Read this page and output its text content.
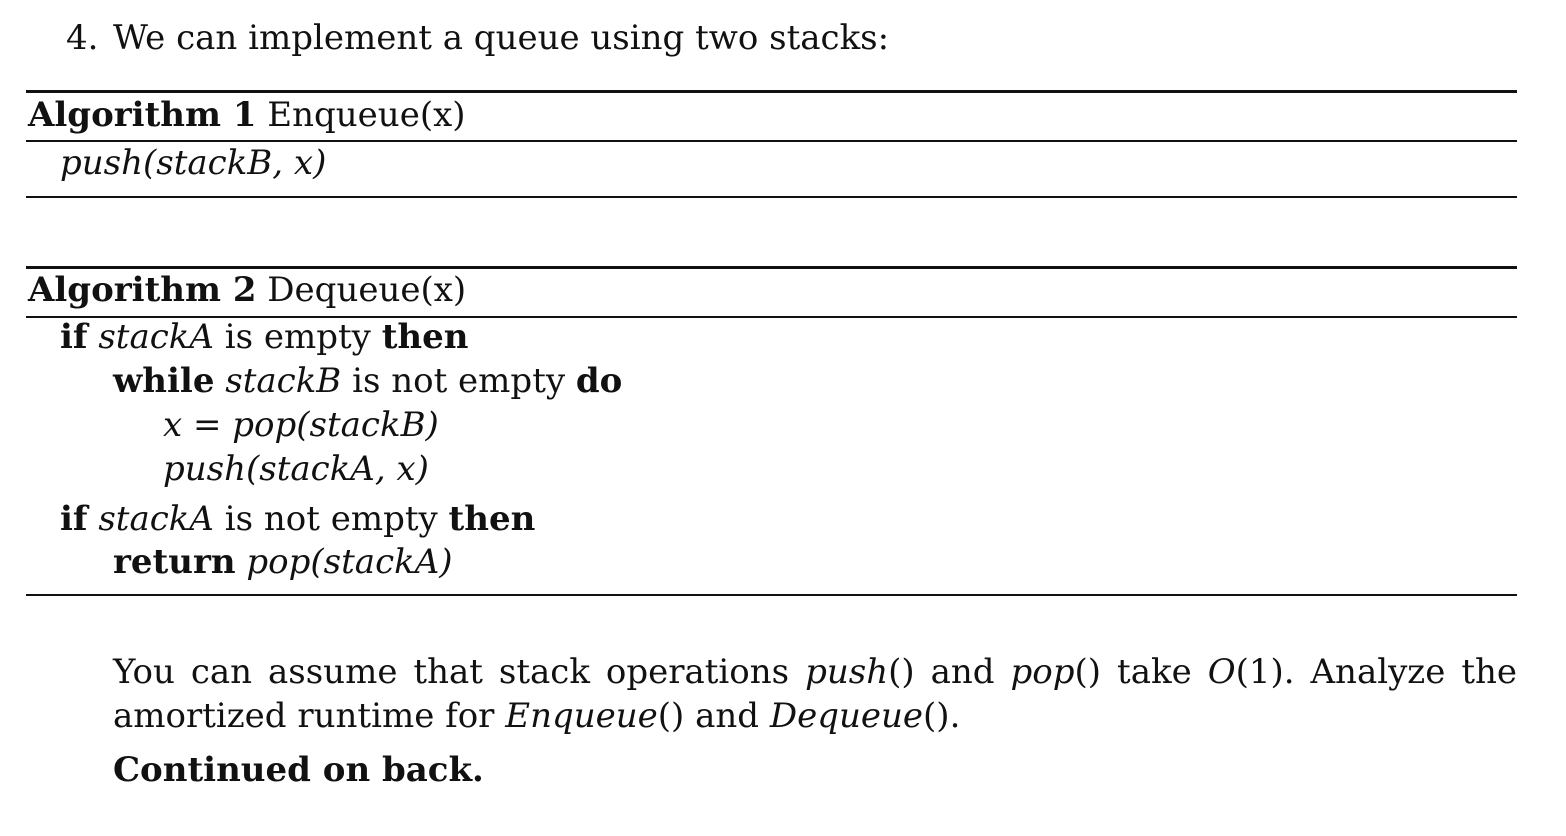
4. We can implement a queue using two stacks:
Algorithm 1 Enqueue(x)
push(stackB, x)
Algorithm 2 Dequeue(x)
if stackA is empty then
while stackB is not empty do
x = pop(stackB)
push(stackA, x)
if stackA is not empty then
return pop(stackA)
You can assume that stack operations push() and pop() take O(1). Analyze the amortized runtime for Enqueue() and Dequeue().
Continued on back.
